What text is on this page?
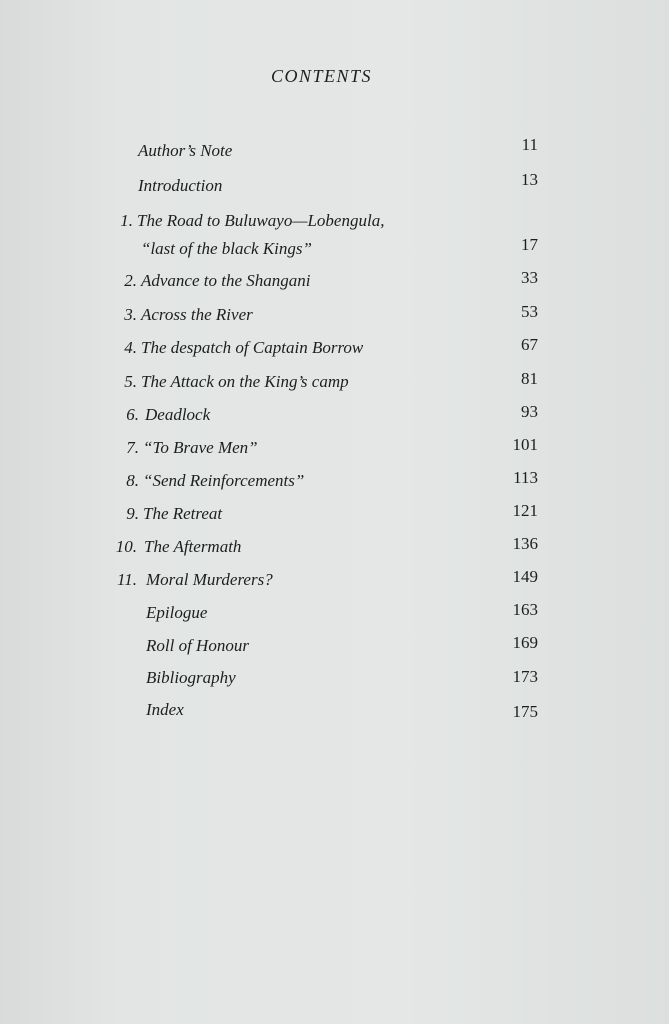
CONTENTS
Author’s Note	11
Introduction	13
1. The Road to Buluwayo—Lobengula,
“last of the black Kings”	17
2. Advance to the Shangani	33
3. Across the River	53
4. The despatch of Captain Borrow	67
5. The Attack on the King’s camp	81
6. Deadlock	93
7. “To Brave Men”	101
8. “Send Reinforcements”	113
9. The Retreat	121
10. The Aftermath	136
11. Moral Murderers?	149
Epilogue	163
Roll of Honour	169
Bibliography	173
Index	175
